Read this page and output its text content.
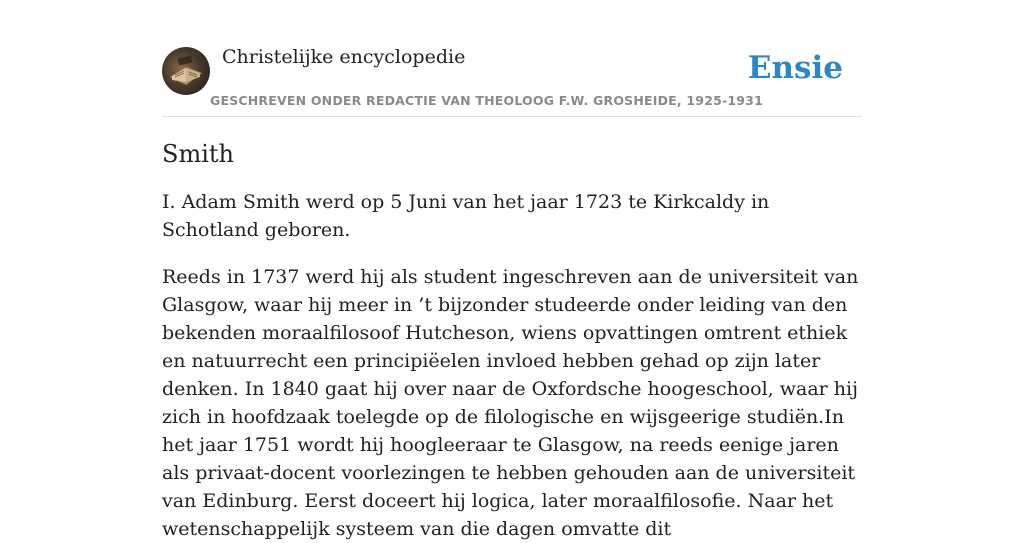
Christelijke encyclopedie
GESCHREVEN ONDER REDACTIE VAN THEOLOOG F.W. GROSHEIDE, 1925-1931
Ensie
Smith

I. Adam Smith werd op 5 Juni van het jaar 1723 te Kirkcaldy in Schotland geboren.

Reeds in 1737 werd hij als student ingeschreven aan de universiteit van Glasgow, waar hij meer in ’t bijzonder studeerde onder leiding van den bekenden moraalfilosoof Hutcheson, wiens opvattingen omtrent ethiek en natuurrecht een principiëelen invloed hebben gehad op zijn later denken. In 1840 gaat hij over naar de Oxfordsche hoogeschool, waar hij zich in hoofdzaak toelegde op de filologische en wijsgeerige studiën.In het jaar 1751 wordt hij hoogleeraar te Glasgow, na reeds eenige jaren als privaat-docent voorlezingen te hebben gehouden aan de universiteit van Edinburg. Eerst doceert hij logica, later moraalfilosofie. Naar het wetenschappelijk systeem van die dagen omvatte dit
